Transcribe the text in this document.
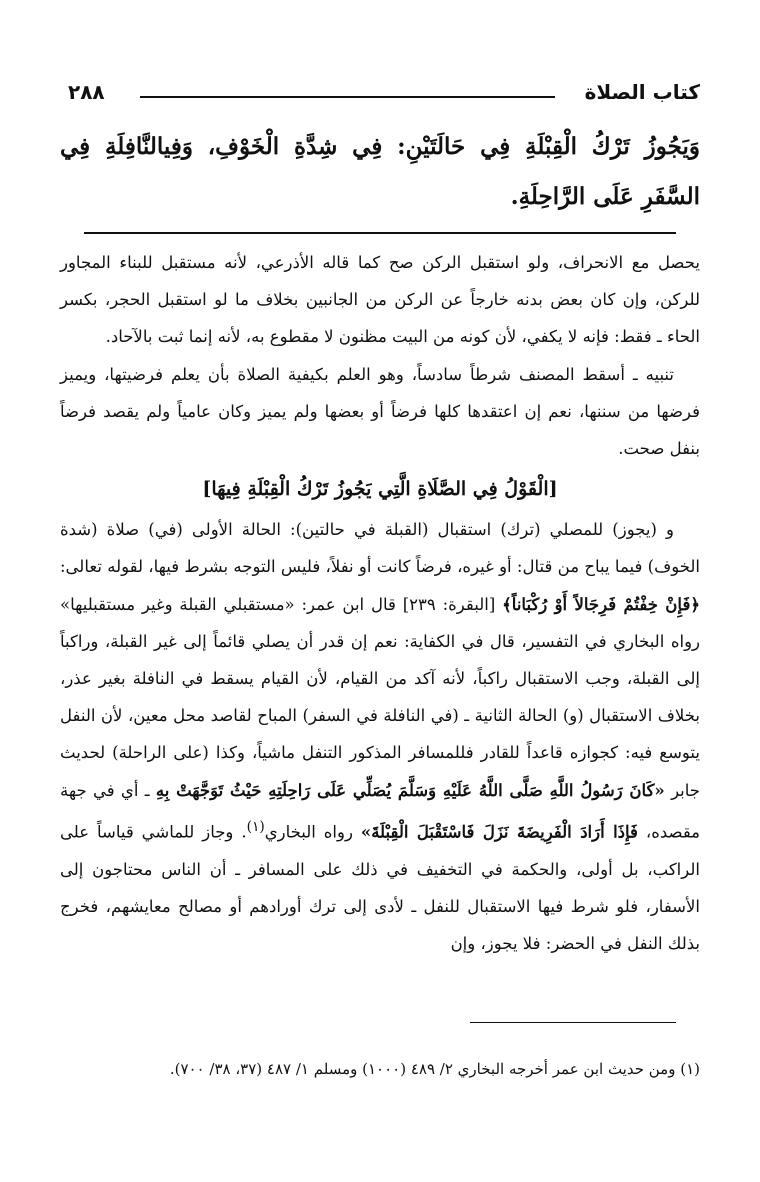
٢٨٨	كتاب الصلاة
وَيَجُوزُ تَرْكُ الْقِبْلَةِ فِي حَالَتَيْنِ: فِي شِدَّةِ الْخَوْفِ، وَفِيالنَّافِلَةِ فِي السَّفَرِ عَلَى الرَّاحِلَةِ.

يحصل مع الانحراف، ولو استقبل الركن صح كما قاله الأذرعي، لأنه مستقبل للبناء المجاور للركن، وإن كان بعض بدنه خارجاً عن الركن من الجانبين بخلاف ما لو استقبل الحجر، بكسر الحاء ـ فقط: فإنه لا يكفي، لأن كونه من البيت مظنون لا مقطوع به، لأنه إنما ثبت بالآحاد.

تنبيه ـ أسقط المصنف شرطاً سادساً، وهو العلم بكيفية الصلاة بأن يعلم فرضيتها، ويميز فرضها من سننها، نعم إن اعتقدها كلها فرضاً أو بعضها ولم يميز وكان عامياً ولم يقصد فرضاً بنفل صحت.

[الْقَوْلُ فِي الصَّلَاةِ الَّتِي يَجُوزُ تَرْكُ الْقِبْلَةِ فِيهَا]

و (يجوز) للمصلي (ترك) استقبال (القبلة في حالتين): الحالة الأولى (في) صلاة (شدة الخوف) فيما يباح من قتال: أو غيره، فرضاً كانت أو نفلاً، فليس التوجه بشرط فيها، لقوله تعالى: ﴿فَإِنْ خِفْتُمْ فَرِجَالاً أَوْ رُكْبَاناً﴾ [البقرة: ٢٣٩] قال ابن عمر: «مستقبلي القبلة وغير مستقبليها» رواه البخاري في التفسير، قال في الكفاية: نعم إن قدر أن يصلي قائماً إلى غير القبلة، وراكباً إلى القبلة، وجب الاستقبال راكباً، لأنه آكد من القيام، لأن القيام يسقط في النافلة بغير عذر، بخلاف الاستقبال (و) الحالة الثانية ـ (في النافلة في السفر) المباح لقاصد محل معين، لأن النفل يتوسع فيه: كجوازه قاعداً للقادر فللمسافر المذكور التنفل ماشياً، وكذا (على الراحلة) لحديث جابر «كَانَ رَسُولُ اللَّهِ صَلَّى اللَّهُ عَلَيْهِ وَسَلَّمَ يُصَلِّي عَلَى رَاحِلَتِهِ حَيْثُ تَوَجَّهَتْ بِهِ ـ أي في جهة مقصده، فَإِذَا أَرَادَ الْفَرِيضَةَ نَزَلَ فَاسْتَقْبَلَ الْقِبْلَةَ» رواه البخاري$^{(١)}$. وجاز للماشي قياساً على الراكب، بل أولى، والحكمة في التخفيف في ذلك على المسافر ـ أن الناس محتاجون إلى الأسفار، فلو شرط فيها الاستقبال للنفل ـ لأدى إلى ترك أورادهم أو مصالح معايشهم، فخرج بذلك النفل في الحضر: فلا يجوز، وإن

(١) ومن حديث ابن عمر أخرجه البخاري ٢/ ٤٨٩ (١٠٠٠) ومسلم ١/ ٤٨٧ (٣٧، ٣٨/ ٧٠٠).
